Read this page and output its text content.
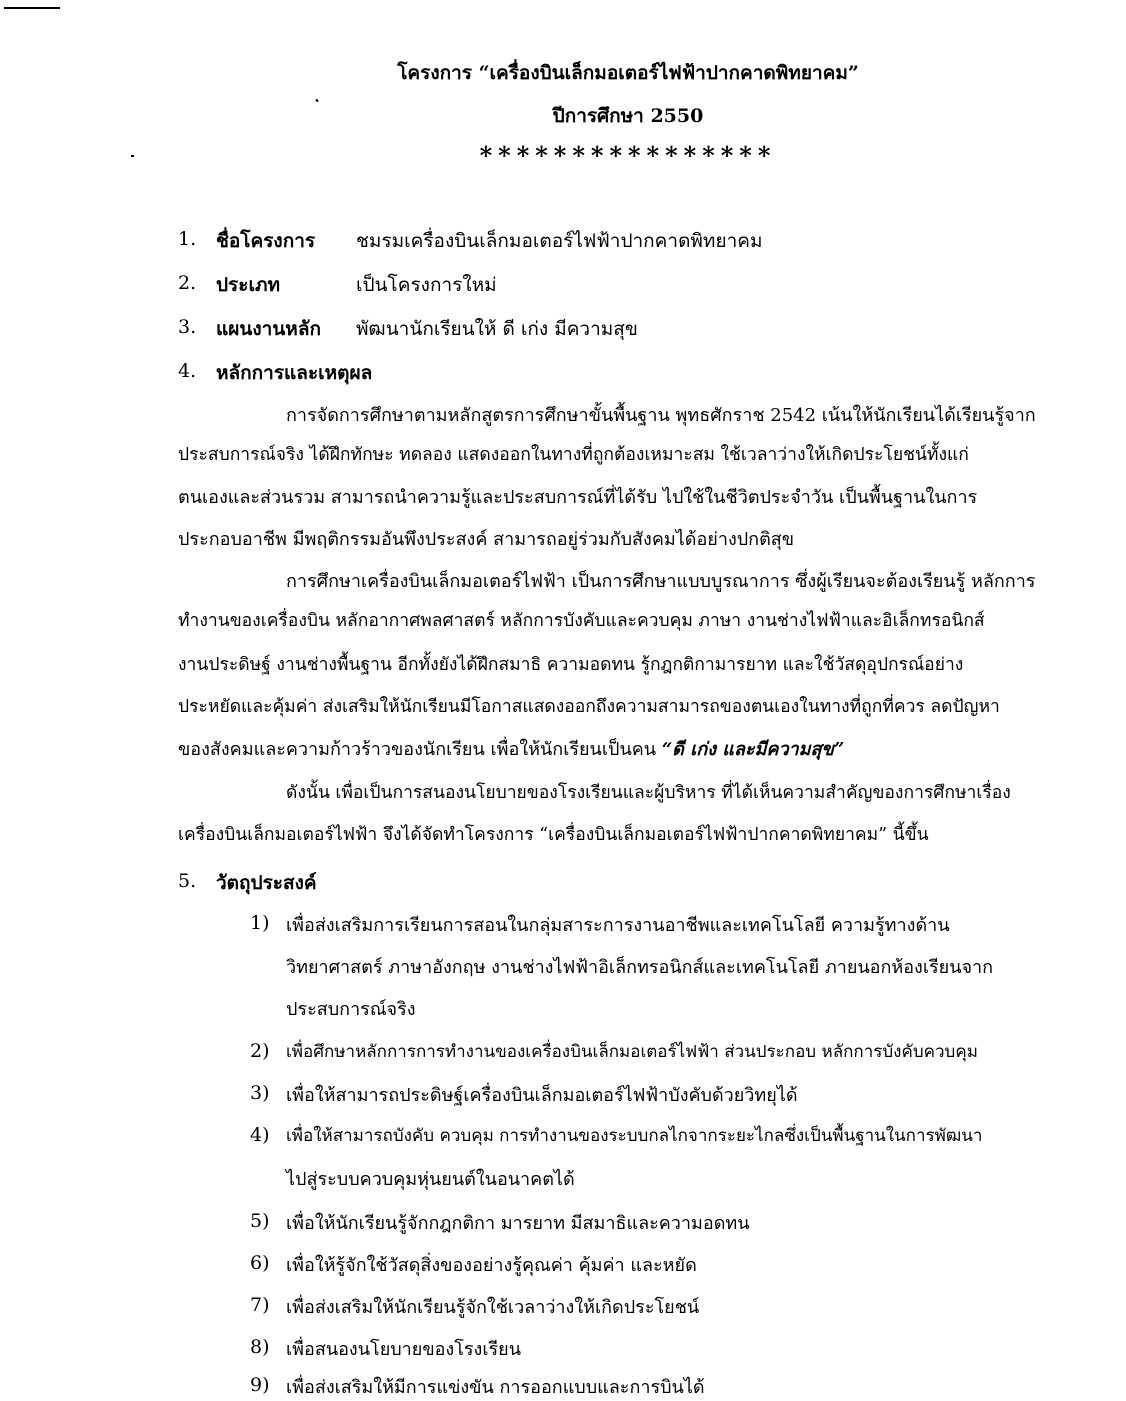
โครงการ “เครื่องบินเล็กมอเตอร์ไฟฟ้าปากคาดพิทยาคม”
ปีการศึกษา 2550
****************
1. ชื่อโครงการ ชมรมเครื่องบินเล็กมอเตอร์ไฟฟ้าปากคาดพิทยาคม
2. ประเภท	เป็นโครงการใหม่
3. แผนงานหลัก พัฒนานักเรียนให้ ดี เก่ง มีความสุข
4. หลักการและเหตุผล
การจัดการศึกษาตามหลักสูตรการศึกษาขั้นพื้นฐาน พุทธศักราช 2542 เน้นให้นักเรียนได้เรียนรู้จาก
ประสบการณ์จริง ได้ฝึกทักษะ ทดลอง แสดงออกในทางที่ถูกต้องเหมาะสม ใช้เวลาว่างให้เกิดประโยชน์ทั้งแก่
ตนเองและส่วนรวม สามารถนำความรู้และประสบการณ์ที่ได้รับ ไปใช้ในชีวิตประจำวัน เป็นพื้นฐานในการ
ประกอบอาชีพ มีพฤติกรรมอันพึงประสงค์ สามารถอยู่ร่วมกับสังคมได้อย่างปกติสุข
การศึกษาเครื่องบินเล็กมอเตอร์ไฟฟ้า เป็นการศึกษาแบบบูรณาการ ซึ่งผู้เรียนจะต้องเรียนรู้ หลักการ
ทำงานของเครื่องบิน หลักอากาศพลศาสตร์ หลักการบังคับและควบคุม ภาษา งานช่างไฟฟ้าและอิเล็กทรอนิกส์
งานประดิษฐ์ งานช่างพื้นฐาน อีกทั้งยังได้ฝึกสมาธิ ความอดทน รู้กฎกติกามารยาท และใช้วัสดุอุปกรณ์อย่าง
ประหยัดและคุ้มค่า ส่งเสริมให้นักเรียนมีโอกาสแสดงออกถึงความสามารถของตนเองในทางที่ถูกที่ควร ลดปัญหา
ของสังคมและความก้าวร้าวของนักเรียน เพื่อให้นักเรียนเป็นคน “ดี เก่ง และมีความสุข”
ดังนั้น เพื่อเป็นการสนองนโยบายของโรงเรียนและผู้บริหาร ที่ได้เห็นความสำคัญของการศึกษาเรื่อง
เครื่องบินเล็กมอเตอร์ไฟฟ้า จึงได้จัดทำโครงการ “เครื่องบินเล็กมอเตอร์ไฟฟ้าปากคาดพิทยาคม” นี้ขึ้น
5. วัตถุประสงค์
1) เพื่อส่งเสริมการเรียนการสอนในกลุ่มสาระการงานอาชีพและเทคโนโลยี ความรู้ทางด้าน
วิทยาศาสตร์ ภาษาอังกฤษ งานช่างไฟฟ้าอิเล็กทรอนิกส์และเทคโนโลยี ภายนอกห้องเรียนจาก
ประสบการณ์จริง
2) เพื่อศึกษาหลักการการทำงานของเครื่องบินเล็กมอเตอร์ไฟฟ้า ส่วนประกอบ หลักการบังคับควบคุม
3) เพื่อให้สามารถประดิษฐ์เครื่องบินเล็กมอเตอร์ไฟฟ้าบังคับด้วยวิทยุได้
4) เพื่อให้สามารถบังคับ ควบคุม การทำงานของระบบกลไกจากระยะไกลซึ่งเป็นพื้นฐานในการพัฒนา
ไปสู่ระบบควบคุมหุ่นยนต์ในอนาคตได้
5) เพื่อให้นักเรียนรู้จักกฎกติกา มารยาท มีสมาธิและความอดทน
6) เพื่อให้รู้จักใช้วัสดุสิ่งของอย่างรู้คุณค่า คุ้มค่า และหยัด
7) เพื่อส่งเสริมให้นักเรียนรู้จักใช้เวลาว่างให้เกิดประโยชน์
8) เพื่อสนองนโยบายของโรงเรียน
9) เพื่อส่งเสริมให้มีการแข่งขัน การออกแบบและการบินได้
